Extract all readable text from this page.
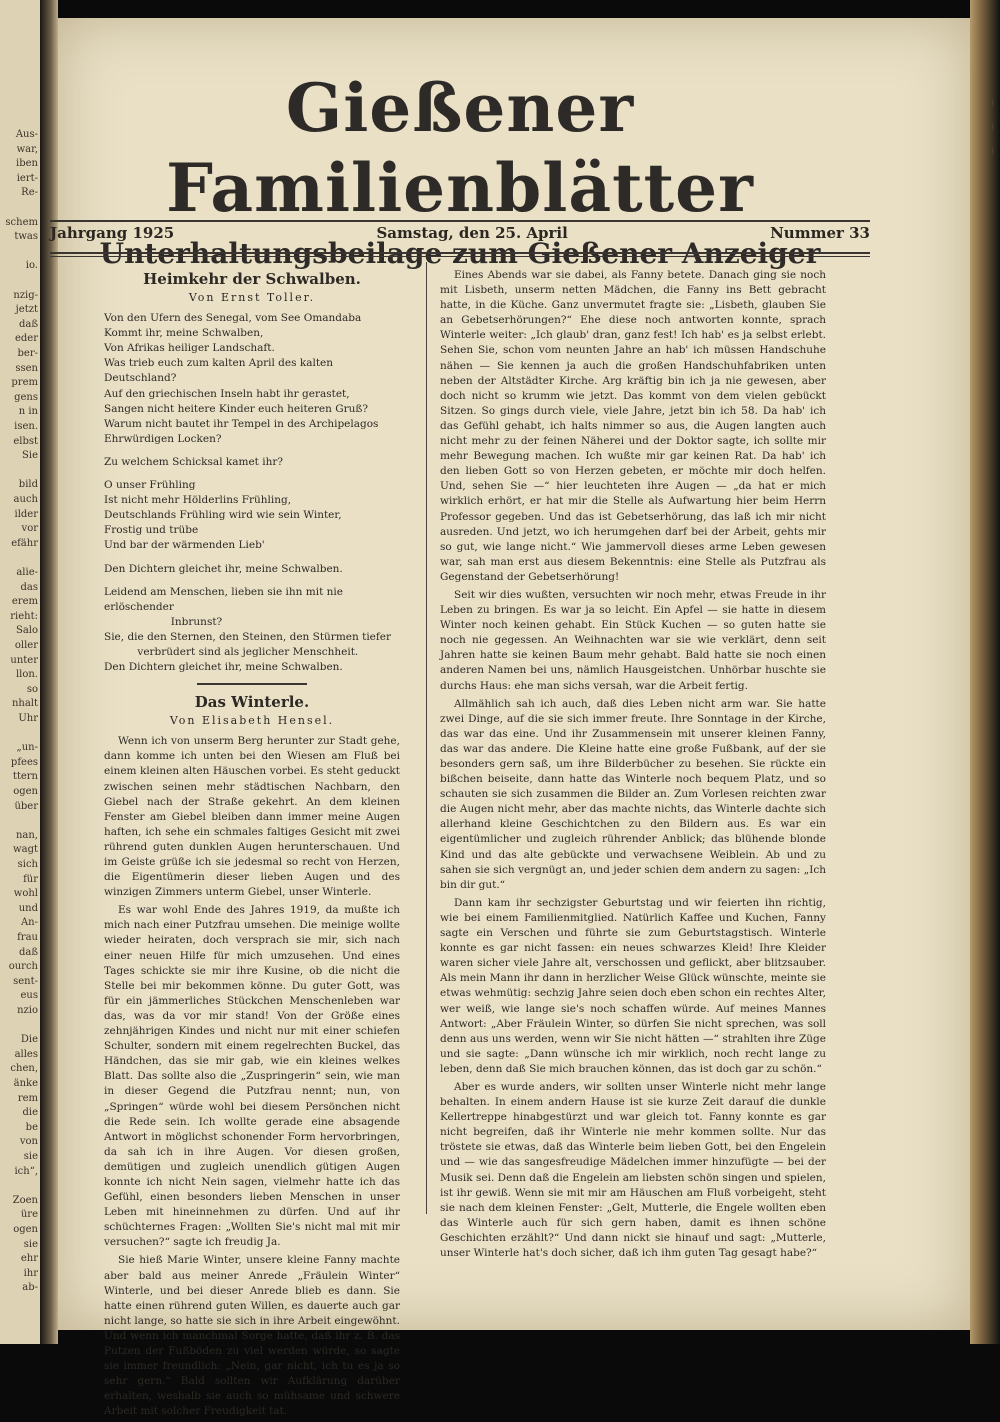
Aus-
war,
iben
iert-
Re-
schem
twas
io.
nzig-
jetzt
daß
eder
ber-
ssen
prem
gens
n in
isen.
elbst
Sie
bild
auch
ilder
vor
efähr
alie-
das
erem
rieht:
Salo
oller
unter
llon.
so
nhalt
Uhr
„un-
pfees
ttern
ogen
über
nan,
wagt
sich
für
wohl
und
An-
frau
daß
ourch
sent-
eus
nzio
Die
alles
chen,
änke
rem
die
be
von
sie
ich“,
Zoen
üre
ogen
sie
ehr
ihr
ab-
⁞
⁞
⁞
Gießener Familienblätter
Unterhaltungsbeilage zum Gießener Anzeiger
Jahrgang 1925	Samstag, den 25. April	Nummer 33
Heimkehr der Schwalben.
Von Ernst Toller.

Von den Ufern des Senegal, vom See Omandaba
Kommt ihr, meine Schwalben,
Von Afrikas heiliger Landschaft.
Was trieb euch zum kalten April des kalten Deutschland?
Auf den griechischen Inseln habt ihr gerastet,
Sangen nicht heitere Kinder euch heiteren Gruß?
Warum nicht bautet ihr Tempel in des Archipelagos
Ehrwürdigen Locken?

Zu welchem Schicksal kamet ihr?

O unser Frühling
Ist nicht mehr Hölderlins Frühling,
Deutschlands Frühling wird wie sein Winter,
Frostig und trübe
Und bar der wärmenden Lieb'

Den Dichtern gleichet ihr, meine Schwalben.

Leidend am Menschen, lieben sie ihn mit nie erlöschender
Inbrunst?
Sie, die den Sternen, den Steinen, den Stürmen tiefer
verbrüdert sind als jeglicher Menschheit.
Den Dichtern gleichet ihr, meine Schwalben.

Das Winterle.
Von Elisabeth Hensel.

Wenn ich von unserm Berg herunter zur Stadt gehe, dann komme ich unten bei den Wiesen am Fluß bei einem kleinen alten Häuschen vorbei. Es steht geduckt zwischen seinen mehr städtischen Nachbarn, den Giebel nach der Straße gekehrt. An dem kleinen Fenster am Giebel bleiben dann immer meine Augen haften, ich sehe ein schmales faltiges Gesicht mit zwei rührend guten dunklen Augen herunterschauen. Und im Geiste grüße ich sie jedesmal so recht von Herzen, die Eigentümerin dieser lieben Augen und des winzigen Zimmers unterm Giebel, unser Winterle.

Es war wohl Ende des Jahres 1919, da mußte ich mich nach einer Putzfrau umsehen. Die meinige wollte wieder heiraten, doch versprach sie mir, sich nach einer neuen Hilfe für mich umzusehen. Und eines Tages schickte sie mir ihre Kusine, ob die nicht die Stelle bei mir bekommen könne. Du guter Gott, was für ein jämmerliches Stückchen Menschenleben war das, was da vor mir stand! Von der Größe eines zehnjährigen Kindes und nicht nur mit einer schiefen Schulter, sondern mit einem regelrechten Buckel, das Händchen, das sie mir gab, wie ein kleines welkes Blatt. Das sollte also die „Zuspringerin“ sein, wie man in dieser Gegend die Putzfrau nennt; nun, von „Springen“ würde wohl bei diesem Persönchen nicht die Rede sein. Ich wollte gerade eine absagende Antwort in möglichst schonender Form hervorbringen, da sah ich in ihre Augen. Vor diesen großen, demütigen und zugleich unendlich gütigen Augen konnte ich nicht Nein sagen, vielmehr hatte ich das Gefühl, einen besonders lieben Menschen in unser Leben mit hineinnehmen zu dürfen. Und auf ihr schüchternes Fragen: „Wollten Sie's nicht mal mit mir versuchen?“ sagte ich freudig Ja.

Sie hieß Marie Winter, unsere kleine Fanny machte aber bald aus meiner Anrede „Fräulein Winter“ Winterle, und bei dieser Anrede blieb es dann. Sie hatte einen rührend guten Willen, es dauerte auch gar nicht lange, so hatte sie sich in ihre Arbeit eingewöhnt. Und wenn ich manchmal Sorge hatte, daß ihr z. B. das Putzen der Fußböden zu viel werden würde, so sagte sie immer freundlich: „Nein, gar nicht, ich tu es ja so sehr gern.“ Bald sollten wir Aufklärung darüber erhalten, weshalb sie auch so mühsame und schwere Arbeit mit solcher Freudigkeit tat.

Eines Abends war sie dabei, als Fanny betete. Danach ging sie noch mit Lisbeth, unserm netten Mädchen, die Fanny ins Bett gebracht hatte, in die Küche. Ganz unvermutet fragte sie: „Lisbeth, glauben Sie an Gebetserhörungen?“ Ehe diese noch antworten konnte, sprach Winterle weiter: „Ich glaub' dran, ganz fest! Ich hab' es ja selbst erlebt. Sehen Sie, schon vom neunten Jahre an hab' ich müssen Handschuhe nähen — Sie kennen ja auch die großen Handschuhfabriken unten neben der Altstädter Kirche. Arg kräftig bin ich ja nie gewesen, aber doch nicht so krumm wie jetzt. Das kommt von dem vielen gebückt Sitzen. So gings durch viele, viele Jahre, jetzt bin ich 58. Da hab' ich das Gefühl gehabt, ich halts nimmer so aus, die Augen langten auch nicht mehr zu der feinen Näherei und der Doktor sagte, ich sollte mir mehr Bewegung machen. Ich wußte mir gar keinen Rat. Da hab' ich den lieben Gott so von Herzen gebeten, er möchte mir doch helfen. Und, sehen Sie —“ hier leuchteten ihre Augen — „da hat er mich wirklich erhört, er hat mir die Stelle als Aufwartung hier beim Herrn Professor gegeben. Und das ist Gebetserhörung, das laß ich mir nicht ausreden. Und jetzt, wo ich herumgehen darf bei der Arbeit, gehts mir so gut, wie lange nicht.“ Wie jammervoll dieses arme Leben gewesen war, sah man erst aus diesem Bekenntnis: eine Stelle als Putzfrau als Gegenstand der Gebetserhörung!

Seit wir dies wußten, versuchten wir noch mehr, etwas Freude in ihr Leben zu bringen. Es war ja so leicht. Ein Apfel — sie hatte in diesem Winter noch keinen gehabt. Ein Stück Kuchen — so guten hatte sie noch nie gegessen. An Weihnachten war sie wie verklärt, denn seit Jahren hatte sie keinen Baum mehr gehabt. Bald hatte sie noch einen anderen Namen bei uns, nämlich Hausgeistchen. Unhörbar huschte sie durchs Haus: ehe man sichs versah, war die Arbeit fertig.

Allmählich sah ich auch, daß dies Leben nicht arm war. Sie hatte zwei Dinge, auf die sie sich immer freute. Ihre Sonntage in der Kirche, das war das eine. Und ihr Zusammensein mit unserer kleinen Fanny, das war das andere. Die Kleine hatte eine große Fußbank, auf der sie besonders gern saß, um ihre Bilderbücher zu besehen. Sie rückte ein bißchen beiseite, dann hatte das Winterle noch bequem Platz, und so schauten sie sich zusammen die Bilder an. Zum Vorlesen reichten zwar die Augen nicht mehr, aber das machte nichts, das Winterle dachte sich allerhand kleine Geschichtchen zu den Bildern aus. Es war ein eigentümlicher und zugleich rührender Anblick; das blühende blonde Kind und das alte gebückte und verwachsene Weiblein. Ab und zu sahen sie sich vergnügt an, und jeder schien dem andern zu sagen: „Ich bin dir gut.“

Dann kam ihr sechzigster Geburtstag und wir feierten ihn richtig, wie bei einem Familienmitglied. Natürlich Kaffee und Kuchen, Fanny sagte ein Verschen und führte sie zum Geburtstagstisch. Winterle konnte es gar nicht fassen: ein neues schwarzes Kleid! Ihre Kleider waren sicher viele Jahre alt, verschossen und geflickt, aber blitzsauber. Als mein Mann ihr dann in herzlicher Weise Glück wünschte, meinte sie etwas wehmütig: sechzig Jahre seien doch eben schon ein rechtes Alter, wer weiß, wie lange sie's noch schaffen würde. Auf meines Mannes Antwort: „Aber Fräulein Winter, so dürfen Sie nicht sprechen, was soll denn aus uns werden, wenn wir Sie nicht hätten —“ strahlten ihre Züge und sie sagte: „Dann wünsche ich mir wirklich, noch recht lange zu leben, denn daß Sie mich brauchen können, das ist doch gar zu schön.“

Aber es wurde anders, wir sollten unser Winterle nicht mehr lange behalten. In einem andern Hause ist sie kurze Zeit darauf die dunkle Kellertreppe hinabgestürzt und war gleich tot. Fanny konnte es gar nicht begreifen, daß ihr Winterle nie mehr kommen sollte. Nur das tröstete sie etwas, daß das Winterle beim lieben Gott, bei den Engelein und — wie das sangesfreudige Mädelchen immer hinzufügte — bei der Musik sei. Denn daß die Engelein am liebsten schön singen und spielen, ist ihr gewiß. Wenn sie mit mir am Häuschen am Fluß vorbeigeht, steht sie nach dem kleinen Fenster: „Gelt, Mutterle, die Engele wollten eben das Winterle auch für sich gern haben, damit es ihnen schöne Geschichten erzählt?“ Und dann nickt sie hinauf und sagt: „Mutterle, unser Winterle hat's doch sicher, daß ich ihm guten Tag gesagt habe?“
